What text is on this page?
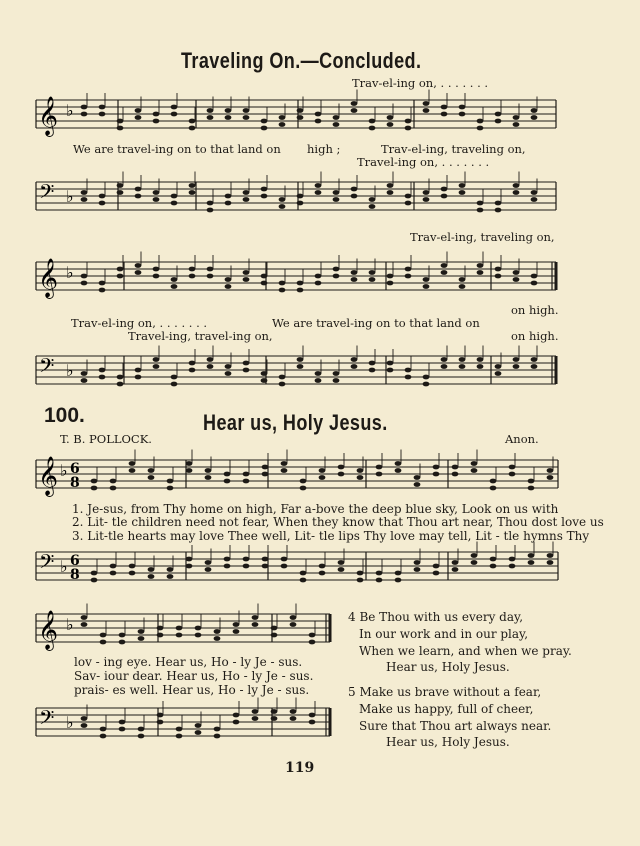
Traveling On.—Concluded.
𝄞 ♭
Trav-el-ing on, . . . . . . .
We are travel-ing on to that land on high ;	Trav-el-ing, traveling on,
Travel-ing on, . . . . . . .
𝄢 ♭
Trav-el-ing, traveling on,
𝄞 ♭
Trav-el-ing on, . . . . . . .	We are travel-ing on to that land on
on high.
Travel-ing, travel-ing on,	on high.
𝄢 ♭
100.	Hear us, Holy Jesus.
T. B. POLLOCK.	Anon.
𝄞 ♭ 6
8
1. Je-sus, from Thy home on high, Far a-bove the deep blue sky, Look on us with
2. Lit- tle children need not fear, When they know that Thou art near, Thou dost love us
3. Lit-tle hearts may love Thee well, Lit- tle lips Thy love may tell, Lit - tle hymns Thy
𝄢 ♭ 6
8
𝄞 ♭
lov - ing eye. Hear us, Ho - ly Je - sus.
Sav- iour dear. Hear us, Ho - ly Je - sus.
prais- es well. Hear us, Ho - ly Je - sus.
𝄢 ♭
4 Be Thou with us every day,
In our work and in our play,
When we learn, and when we pray.
Hear us, Holy Jesus.
5 Make us brave without a fear,
Make us happy, full of cheer,
Sure that Thou art always near.
Hear us, Holy Jesus.
119
